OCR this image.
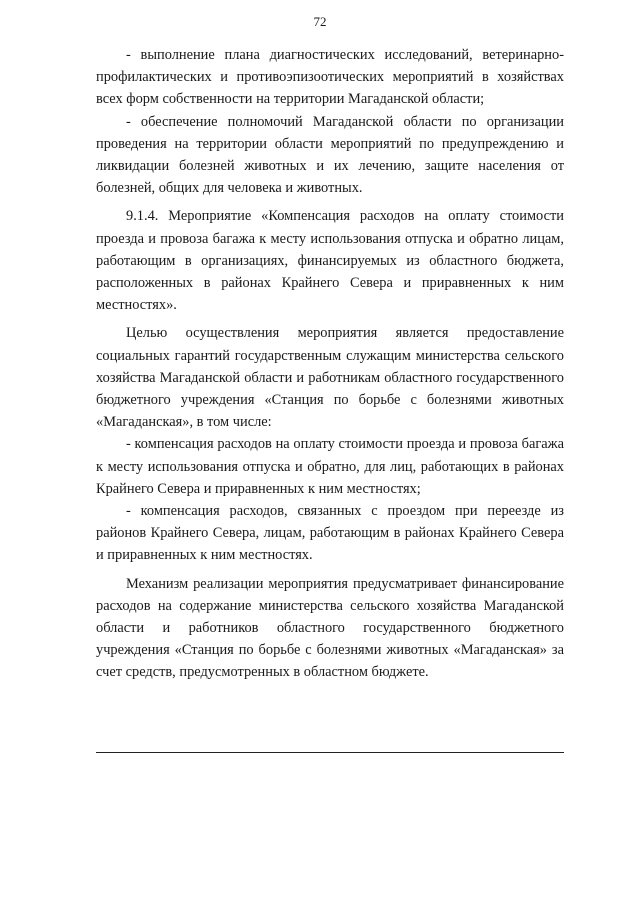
72

- выполнение плана диагностических исследований, ветеринарно-профилактических и противоэпизоотических мероприятий в хозяйствах всех форм собственности на территории Магаданской области;

- обеспечение полномочий Магаданской области по организации проведения на территории области мероприятий по предупреждению и ликвидации болезней животных и их лечению, защите населения от болезней, общих для человека и животных.

9.1.4. Мероприятие «Компенсация расходов на оплату стоимости проезда и провоза багажа к месту использования отпуска и обратно лицам, работающим в организациях, финансируемых из областного бюджета, расположенных в районах Крайнего Севера и приравненных к ним местностях».

Целью осуществления мероприятия является предоставление социальных гарантий государственным служащим министерства сельского хозяйства Магаданской области и работникам областного государственного бюджетного учреждения «Станция по борьбе с болезнями животных «Магаданская», в том числе:

- компенсация расходов на оплату стоимости проезда и провоза багажа к месту использования отпуска и обратно, для лиц, работающих в районах Крайнего Севера и приравненных к ним местностях;

- компенсация расходов, связанных с проездом при переезде из районов Крайнего Севера, лицам, работающим в районах Крайнего Севера и приравненных к ним местностях.

Механизм реализации мероприятия предусматривает финансирование расходов на содержание министерства сельского хозяйства Магаданской области и работников областного государственного бюджетного учреждения «Станция по борьбе с болезнями животных «Магаданская» за счет средств, предусмотренных в областном бюджете.
